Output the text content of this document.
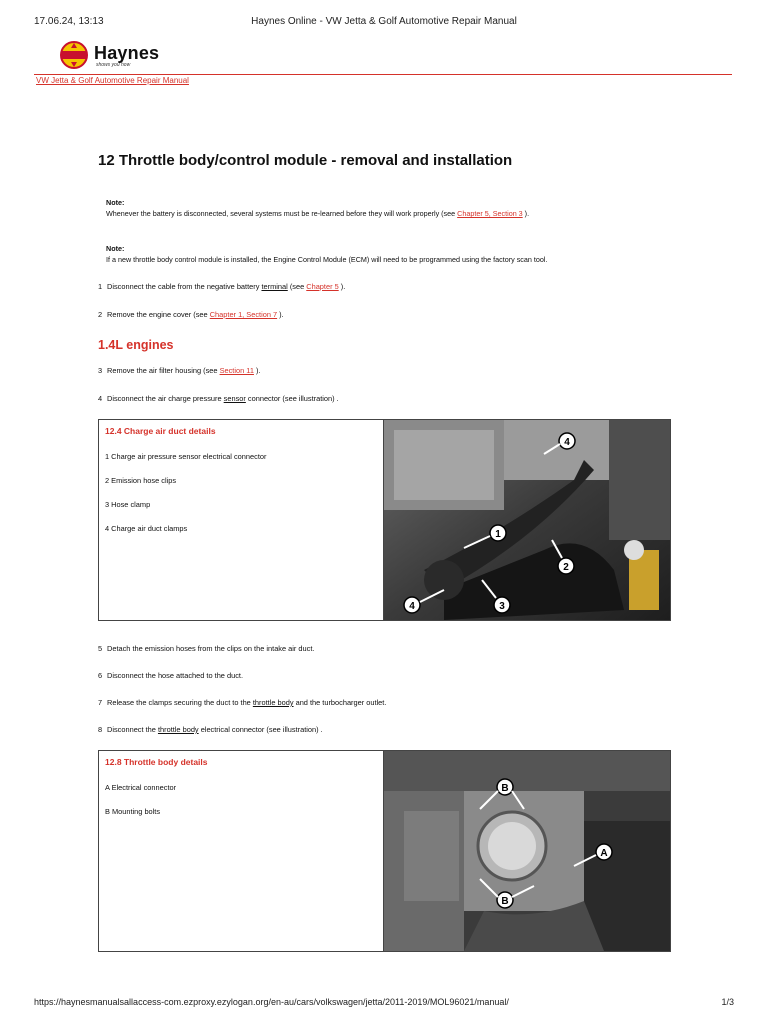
17.06.24, 13:13	Haynes Online - VW Jetta & Golf Automotive Repair Manual
Haynes
shows you how
VW Jetta & Golf Automotive Repair Manual
12 Throttle body/control module - removal and installation
Note:
Whenever the battery is disconnected, several systems must be re-learned before they will work properly (see Chapter 5, Section 3 ).
Note:
If a new throttle body control module is installed, the Engine Control Module (ECM) will need to be programmed using the factory scan tool.
1 Disconnect the cable from the negative battery terminal (see Chapter 5 ).
2 Remove the engine cover (see Chapter 1, Section 7 ).
1.4L engines
3 Remove the air filter housing (see Section 11 ).
4 Disconnect the air charge pressure sensor connector (see illustration) .
12.4 Charge air duct details
1 Charge air pressure sensor electrical connector
2 Emission hose clips
3 Hose clamp
4 Charge air duct clamps
4
1
2
4	3
5 Detach the emission hoses from the clips on the intake air duct.
6 Disconnect the hose attached to the duct.
7 Release the clamps securing the duct to the throttle body and the turbocharger outlet.
8 Disconnect the throttle body electrical connector (see illustration) .
12.8 Throttle body details
A Electrical connector
B Mounting bolts
B
A
B
https://haynesmanualsallaccess-com.ezproxy.ezylogan.org/en-au/cars/volkswagen/jetta/2011-2019/MOL96021/manual/	1/3
